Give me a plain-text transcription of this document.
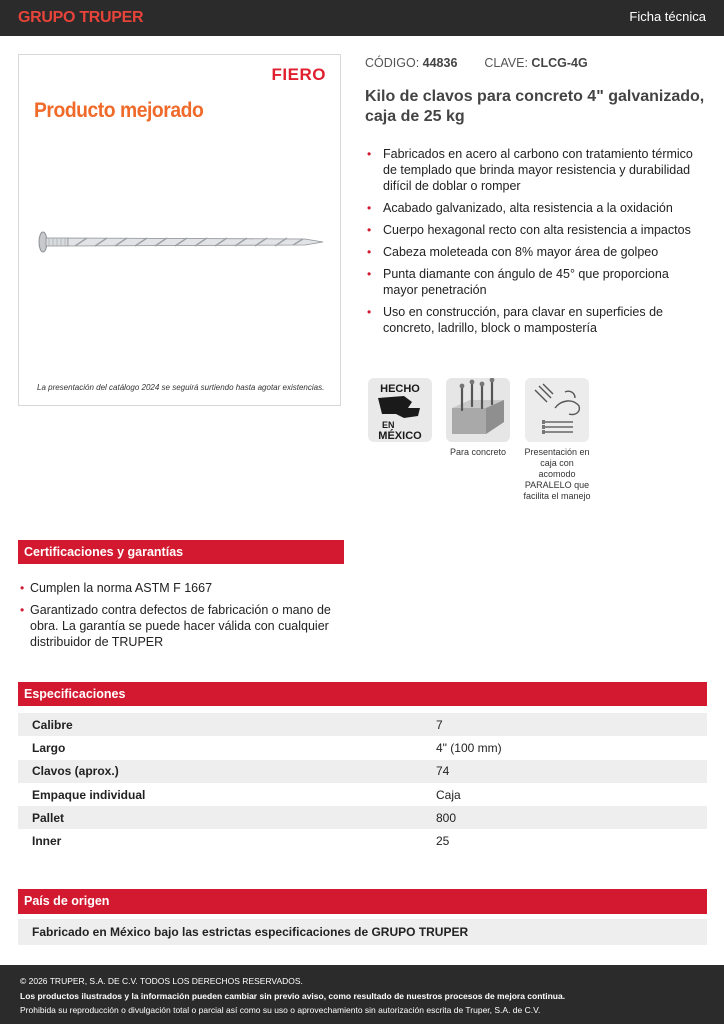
GRUPO TRUPER	Ficha técnica
FIERO
Producto mejorado
La presentación del catálogo 2024 se seguirá surtiendo hasta agotar existencias.
CÓDIGO: 44836 CLAVE: CLCG-4G
Kilo de clavos para concreto 4" galvanizado, caja de 25 kg
• Fabricados en acero al carbono con tratamiento térmico de templado que brinda mayor resistencia y durabilidad difícil de doblar o romper
• Acabado galvanizado, alta resistencia a la oxidación
• Cuerpo hexagonal recto con alta resistencia a impactos
• Cabeza moleteada con 8% mayor área de golpeo
• Punta diamante con ángulo de 45° que proporciona mayor penetración
• Uso en construcción, para clavar en superficies de concreto, ladrillo, block o mampostería
HECHO
EN
MÉXICO
Para concreto	Presentación en caja con acomodo PARALELO que facilita el manejo
Certificaciones y garantías
• Cumplen la norma ASTM F 1667
• Garantizado contra defectos de fabricación o mano de obra. La garantía se puede hacer válida con cualquier distribuidor de TRUPER
Especificaciones
Calibre	7
Largo	4" (100 mm)
Clavos (aprox.)	74
Empaque individual	Caja
Pallet	800
Inner	25
País de origen
Fabricado en México bajo las estrictas especificaciones de GRUPO TRUPER

© 2026 TRUPER, S.A. DE C.V. TODOS LOS DERECHOS RESERVADOS.

Los productos ilustrados y la información pueden cambiar sin previo aviso, como resultado de nuestros procesos de mejora continua.

Prohibida su reproducción o divulgación total o parcial así como su uso o aprovechamiento sin autorización escrita de Truper, S.A. de C.V.
